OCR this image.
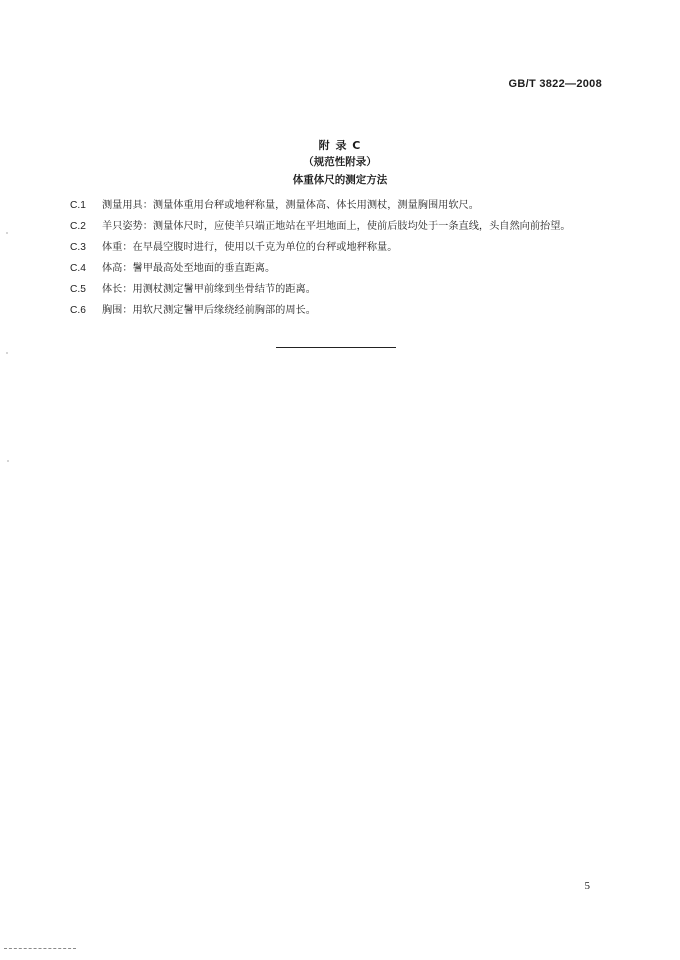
GB/T 3822—2008
附 录 C
（规范性附录）
体重体尺的测定方法

C.1 测量用具：测量体重用台秤或地秤称量，测量体高、体长用测杖，测量胸围用软尺。

C.2 羊只姿势：测量体尺时，应使羊只端正地站在平坦地面上，使前后肢均处于一条直线，头自然向前抬望。

C.3 体重：在早晨空腹时进行，使用以千克为单位的台秤或地秤称量。

C.4 体高：鬐甲最高处至地面的垂直距离。

C.5 体长：用测杖测定鬐甲前缘到坐骨结节的距离。

C.6 胸围：用软尺测定鬐甲后缘绕经前胸部的周长。

5
